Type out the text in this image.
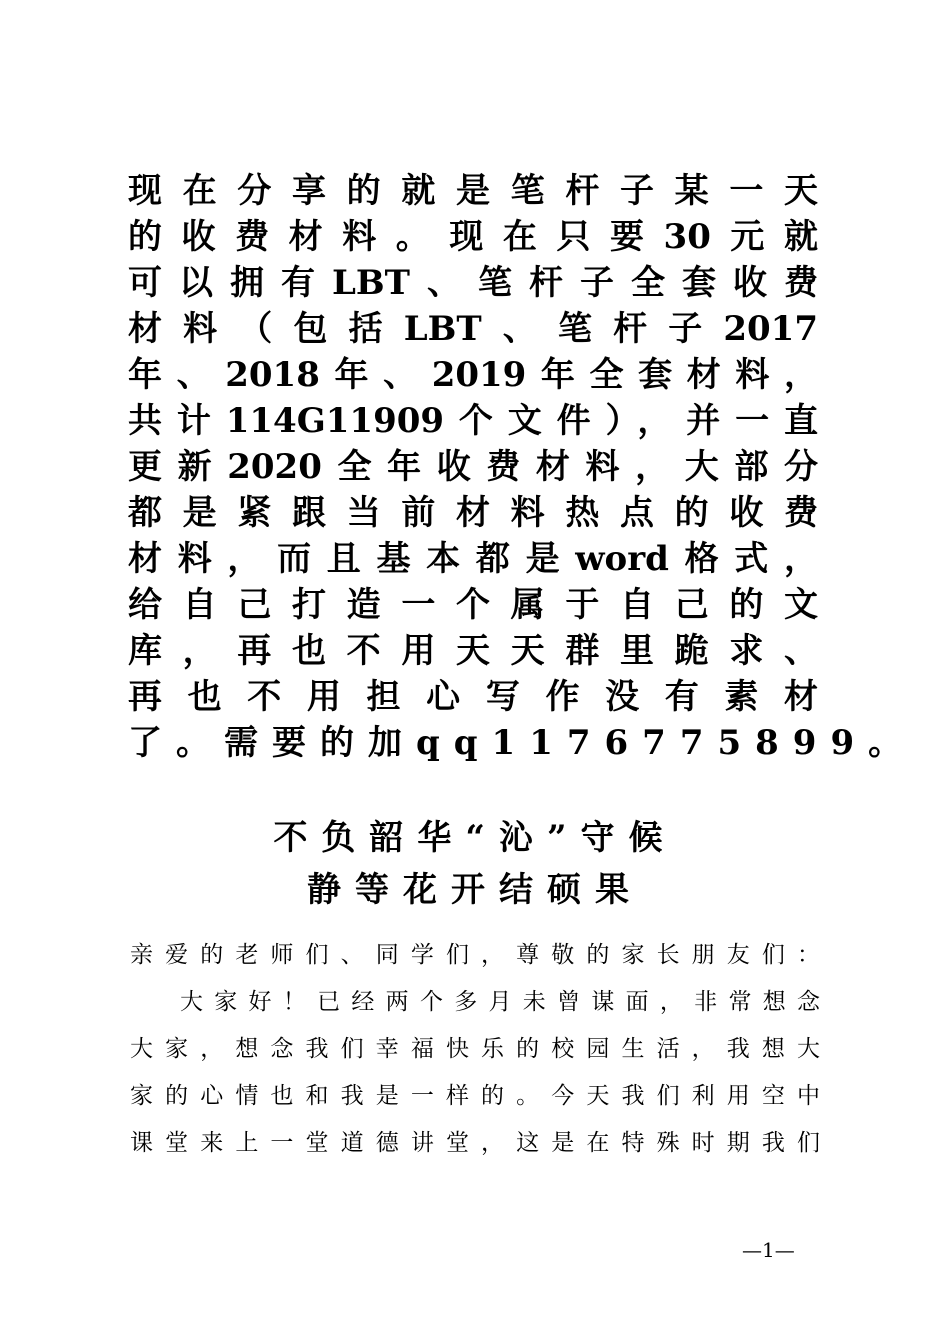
现在分享的就是笔杆子某一天
的收费材料。现在只要30元就
可以拥有LBT、笔杆子全套收费
材料（包括LBT、笔杆子2017
年、2018年、2019年全套材料，
共计114G11909个文件），并一直
更新2020全年收费材料，大部分
都是紧跟当前材料热点的收费
材料，而且基本都是word格式，
给自己打造一个属于自己的文
库，再也不用天天群里跪求、
再也不用担心写作没有素材
了。需要的加qq1176775899。
不负韶华“沁”守候
静等花开结硕果
亲爱的老师们、同学们，尊敬的家长朋友们：
大家好！已经两个多月未曾谋面，非常想念
大家，想念我们幸福快乐的校园生活，我想大
家的心情也和我是一样的。今天我们利用空中
课堂来上一堂道德讲堂，这是在特殊时期我们
—1—
